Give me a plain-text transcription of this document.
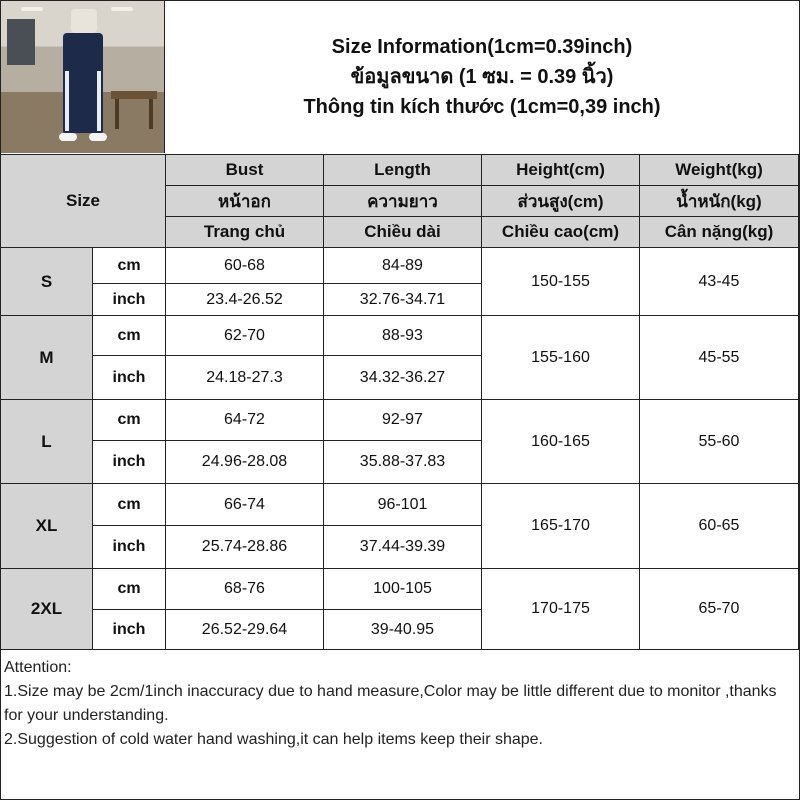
Size Information(1cm=0.39inch)
ข้อมูลขนาด (1 ซม. = 0.39 นิ้ว)
Thông tin kích thước (1cm=0,39 inch)
Size		Bust	Length	Height(cm)	Weight(kg)
		หน้าอก	ความยาว	ส่วนสูง(cm)	น้ำหนัก(kg)
		Trang chủ	Chiều dài	Chiều cao(cm)	Cân nặng(kg)
S	cm	60-68	84-89	150-155	43-45
	inch	23.4-26.52	32.76-34.71		
M	cm	62-70	88-93	155-160	45-55
	inch	24.18-27.3	34.32-36.27		
L	cm	64-72	92-97	160-165	55-60
	inch	24.96-28.08	35.88-37.83		
XL	cm	66-74	96-101	165-170	60-65
	inch	25.74-28.86	37.44-39.39		
2XL	cm	68-76	100-105	170-175	65-70
	inch	26.52-29.64	39-40.95		
Attention:
1.Size may be 2cm/1inch inaccuracy due to hand measure,Color may be little different due to monitor ,thanks for your understanding.
2.Suggestion of cold water hand washing,it can help items keep their shape.
